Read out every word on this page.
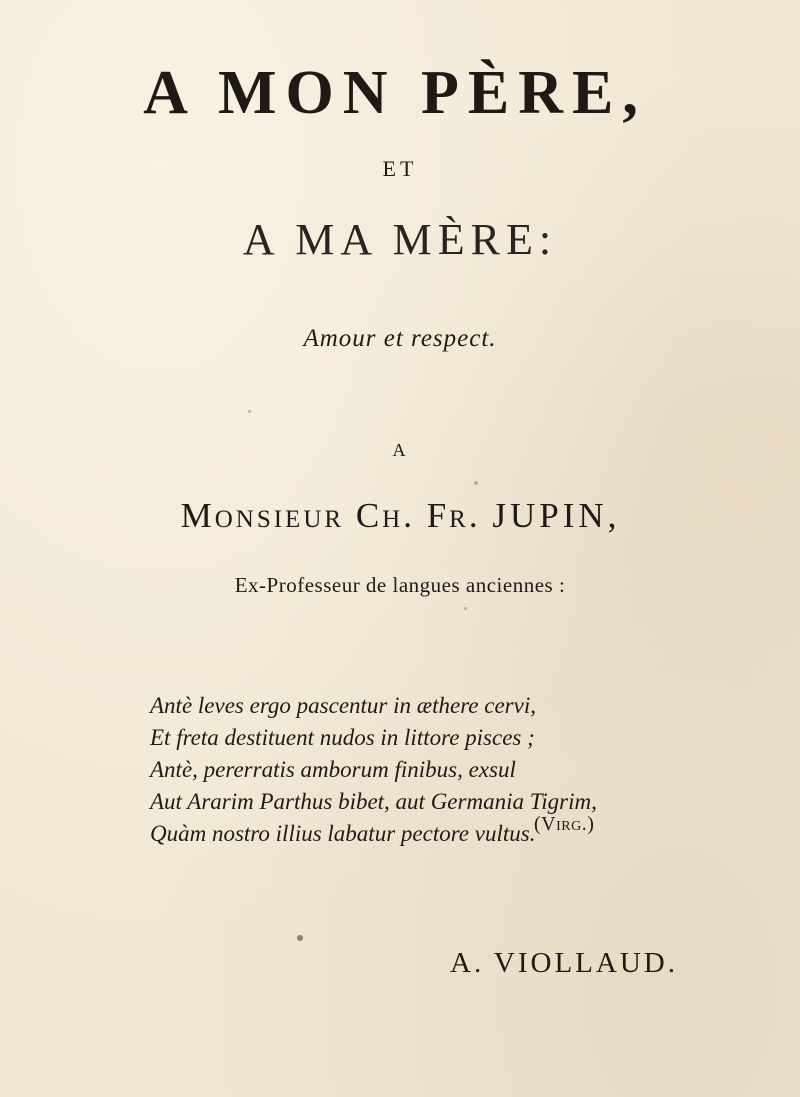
A MON PÈRE,
ET
A MA MÈRE:
Amour et respect.
A
Monsieur Ch. Fr. JUPIN,
Ex-Professeur de langues anciennes :
Antè leves ergo pascentur in æthere cervi,
Et freta destituent nudos in littore pisces ;
Antè, pererratis amborum finibus, exsul
Aut Ararim Parthus bibet, aut Germania Tigrim,
Quàm nostro illius labatur pectore vultus.
(Virg.)
A. VIOLLAUD.
